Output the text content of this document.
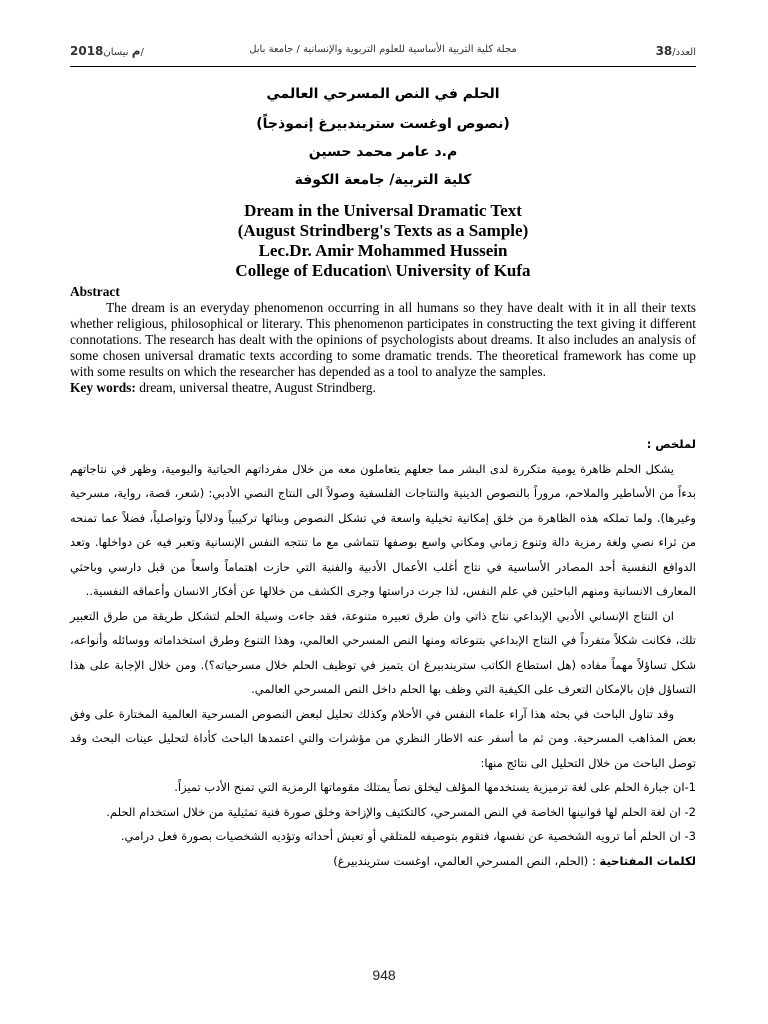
العدد/38
مجلة كلية التربية الأساسية للعلوم التربوية والإنسانية / جامعة بابل
2018م نيسان/
الحلم في النص المسرحي العالمي
(نصوص اوغست ستريندبيرغ إنموذجاً)
م.د عامر محمد حسين
كلية التربية/ جامعة الكوفة
Dream in the Universal Dramatic Text
(August Strindberg's Texts as a Sample)
Lec.Dr. Amir Mohammed Hussein
College of Education\ University of Kufa

Abstract

The dream is an everyday phenomenon occurring in all humans so they have dealt with it in all their texts whether religious, philosophical or literary. This phenomenon participates in constructing the text giving it different connotations. The research has dealt with the opinions of psychologists about dreams. It also includes an analysis of some chosen universal dramatic texts according to some dramatic trends. The theoretical framework has come up with some results on which the researcher has depended as a tool to analyze the samples.

Key words: dream, universal theatre, August Strindberg.

لملخص :

يشكل الحلم ظاهرة يومية متكررة لدى البشر مما جعلهم يتعاملون معه من خلال مفرداتهم الحياتية واليومية، وظهر في نتاجاتهم بدءاً من الأساطير والملاحم، مروراً بالنصوص الدينية والنتاجات الفلسفية وصولاً الى النتاج النصي الأدبي: (شعر، قصة، رواية، مسرحية وغيرها). ولما تملكه هذه الظاهرة من خلق إمكانية تخيلية واسعة في تشكل النصوص وبنائها تركيبياً ودلالياً وتواصلياً، فضلاً عما تمنحه من ثراء نصي ولغة رمزية دالة وتنوع زماني ومكاني واسع بوصفها تتماشى مع ما تنتجه النفس الإنسانية وتعبر فيه عن دواخلها. وتعد الدوافع النفسية أحد المصادر الأساسية في نتاج أغلب الأعمال الأدبية والفنية التي حازت اهتماماً واسعاً من قبل دارسي وباحثي المعارف الانسانية ومنهم الباحثين في علم النفس، لذا جرت دراستها وجرى الكشف من خلالها عن أفكار الانسان وأعماقه النفسية..

ان النتاج الإنساني الأدبي الإبداعي نتاج ذاتي وان طرق تعبيره متنوعة، فقد جاءت وسيلة الحلم لتشكل طريقة من طرق التعبير تلك، فكانت شكلاً متفرداً في النتاج الإبداعي بتنوعاته ومنها النص المسرحي العالمي، وهذا التنوع وطرق استخداماته ووسائله وأنواعه، شكل تساؤلاً مهماً مفاده (هل استطاع الكاتب ستريندبيرغ ان يتميز في توظيف الحلم خلال مسرحياته؟). ومن خلال الإجابة على هذا التساؤل فإن بالإمكان التعرف على الكيفية التي وظف بها الحلم داخل النص المسرحي العالمي.

وقد تناول الباحث في بحثه هذا آراء علماء النفس في الأحلام وكذلك تحليل لبعض النصوص المسرحية العالمية المختارة على وفق بعض المذاهب المسرحية. ومن ثم ما أسفر عنه الاطار النظري من مؤشرات والتي اعتمدها الباحث كأداة لتحليل عينات البحث وقد توصل الباحث من خلال التحليل الى نتائج منها:

1-ان جبارة الحلم على لغة ترميزية يستخدمها المؤلف ليخلق نصاً يمتلك مقوماتها الرمزية التي تمنح الأدب تميزاً.

2- ان لغة الحلم لها قوانينها الخاصة في النص المسرحي، كالتكثيف والإزاحة وخلق صورة فنية تمثيلية من خلال استخدام الحلم.

3- ان الحلم أما ترويه الشخصية عن نفسها، فتقوم بتوصيفه للمتلقي أو تعيش أحداثه وتؤديه الشخصيات بصورة فعل درامي.

لكلمات المفتاحية : (الحلم، النص المسرحي العالمي، اوغست ستريندبيرغ)

948
